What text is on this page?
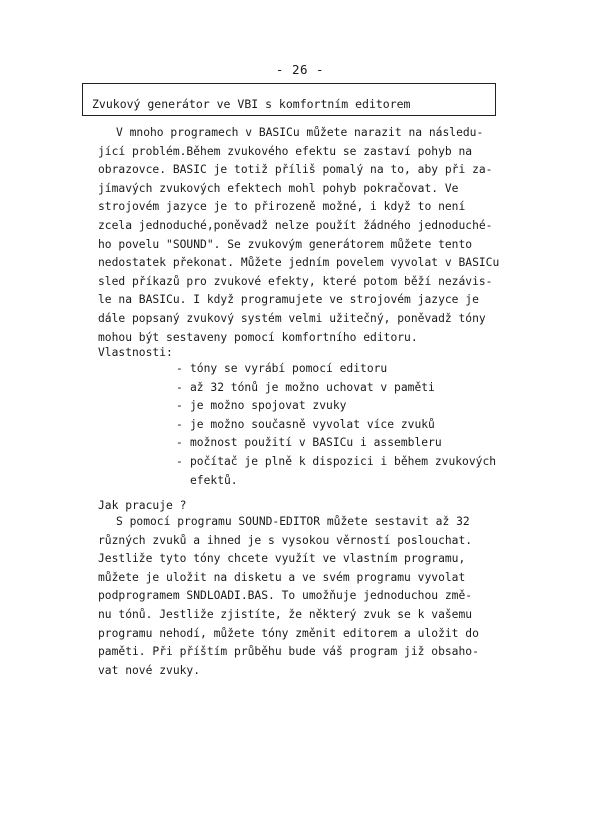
- 26 -
Zvukový generátor ve VBI s komfortním editorem
V mnoho programech v BASICu můžete narazit na následu-
jící problém.Během zvukového efektu se zastaví pohyb na
obrazovce. BASIC je totiž příliš pomalý na to, aby při za-
jímavých zvukových efektech mohl pohyb pokračovat. Ve
strojovém jazyce je to přirozeně možné, i když to není
zcela jednoduché,poněvadž nelze použít žádného jednoduché-
ho povelu "SOUND". Se zvukovým generátorem můžete tento
nedostatek překonat. Můžete jedním povelem vyvolat v BASICu
sled příkazů pro zvukové efekty, které potom běží nezávis-
le na BASICu. I když programujete ve strojovém jazyce je
dále popsaný zvukový systém velmi užitečný, poněvadž tóny
mohou být sestaveny pomocí komfortního editoru.
Vlastnosti:
- tóny se vyrábí pomocí editoru
- až 32 tónů je možno uchovat v paměti
- je možno spojovat zvuky
- je možno současně vyvolat více zvuků
- možnost použití v BASICu i assembleru
- počítač je plně k dispozici i během zvukových
efektů.
Jak pracuje ?
S pomocí programu SOUND-EDITOR můžete sestavit až 32
různých zvuků a ihned je s vysokou věrností poslouchat.
Jestliže tyto tóny chcete využít ve vlastním programu,
můžete je uložit na disketu a ve svém programu vyvolat
podprogramem SNDLOADI.BAS. To umožňuje jednoduchou změ-
nu tónů. Jestliže zjistíte, že některý zvuk se k vašemu
programu nehodí, můžete tóny změnit editorem a uložit do
paměti. Při příštím průběhu bude váš program již obsaho-
vat nové zvuky.
